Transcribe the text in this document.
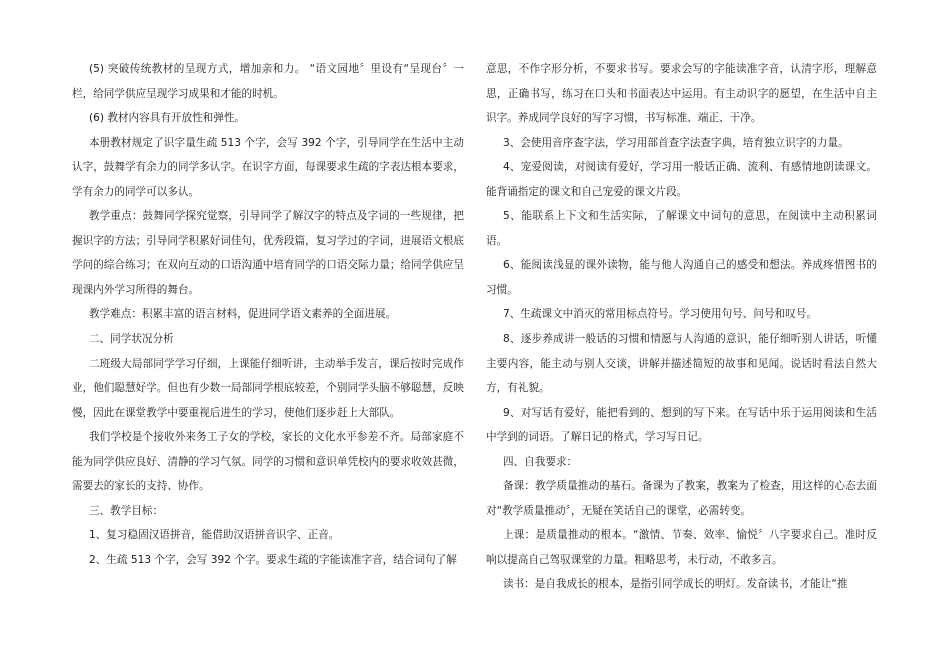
(5) 突破传统教材的呈现方式，增加亲和力。 “语文园地〞里设有“呈现台〞一栏，给同学供应呈现学习成果和才能的时机。

(6) 教材内容具有开放性和弹性。

本册教材规定了识字量生疏 513 个字，会写 392 个字，引导同学在生活中主动认字，鼓舞学有余力的同学多认字。在识字方面，每课要求生疏的字表达根本要求，学有余力的同学可以多认。

教学重点：鼓舞同学探究觉察，引导同学了解汉字的特点及字词的一些规律，把握识字的方法；引导同学积累好词佳句，优秀段篇，复习学过的字词，进展语文根底学问的综合练习；在双向互动的口语沟通中培育同学的口语交际力量；给同学供应呈现课内外学习所得的舞台。

教学难点：积累丰富的语言材料，促进同学语文素养的全面进展。

二、同学状况分析

二班级大局部同学学习仔细，上课能仔细听讲，主动举手发言，课后按时完成作业，他们聪慧好学。但也有少数一局部同学根底较差，个别同学头脑不够聪慧，反映慢，因此在课堂教学中要重视后进生的学习，使他们逐步赶上大部队。

我们学校是个接收外来务工子女的学校，家长的文化水平参差不齐。局部家庭不能为同学供应良好、清静的学习气氛。同学的习惯和意识单凭校内的要求收效甚微，需要去的家长的支持、协作。

三、教学目标：

1、复习稳固汉语拼音，能借助汉语拼音识字、正音。

2、生疏 513 个字，会写 392 个字。要求生疏的字能读准字音，结合词句了解

意思，不作字形分析，不要求书写。要求会写的字能读准字音，认清字形，理解意思，正确书写，练习在口头和书面表达中运用。有主动识字的愿望，在生活中自主识字。养成同学良好的写字习惯，书写标准、端正、干净。

3、会使用音序查字法，学习用部首查字法查字典，培育独立识字的力量。

4、宠爱阅读，对阅读有爱好，学习用一般话正确、流利、有感情地朗读课文。能背诵指定的课文和自己宠爱的课文片段。

5、能联系上下文和生活实际，了解课文中词句的意思，在阅读中主动积累词语。

6、能阅读浅显的课外读物，能与他人沟通自己的感受和想法。养成疼惜图书的习惯。

7、生疏课文中消灭的常用标点符号。学习使用句号、问号和叹号。

8、逐步养成讲一般话的习惯和情愿与人沟通的意识，能仔细听别人讲话，听懂主要内容，能主动与别人交谈，讲解并描述简短的故事和见闻。说话时看法自然大方，有礼貌。

9、对写话有爱好，能把看到的、想到的写下来。在写话中乐于运用阅读和生活中学到的词语。了解日记的格式，学习写日记。

四、自我要求：

备课：教学质量推动的基石。备课为了教案，教案为了检查，用这样的心态去面对“教学质量推动〞，无疑在笑话自己的课堂，必需转变。

上课：是质量推动的根本。“激情、节奏、效率、愉悦〞八字要求自己。准时反响以提高自己驾驭课堂的力量。粗略思考，未行动，不敢多言。

读书：是自我成长的根本，是指引同学成长的明灯。发奋读书，才能让“推
